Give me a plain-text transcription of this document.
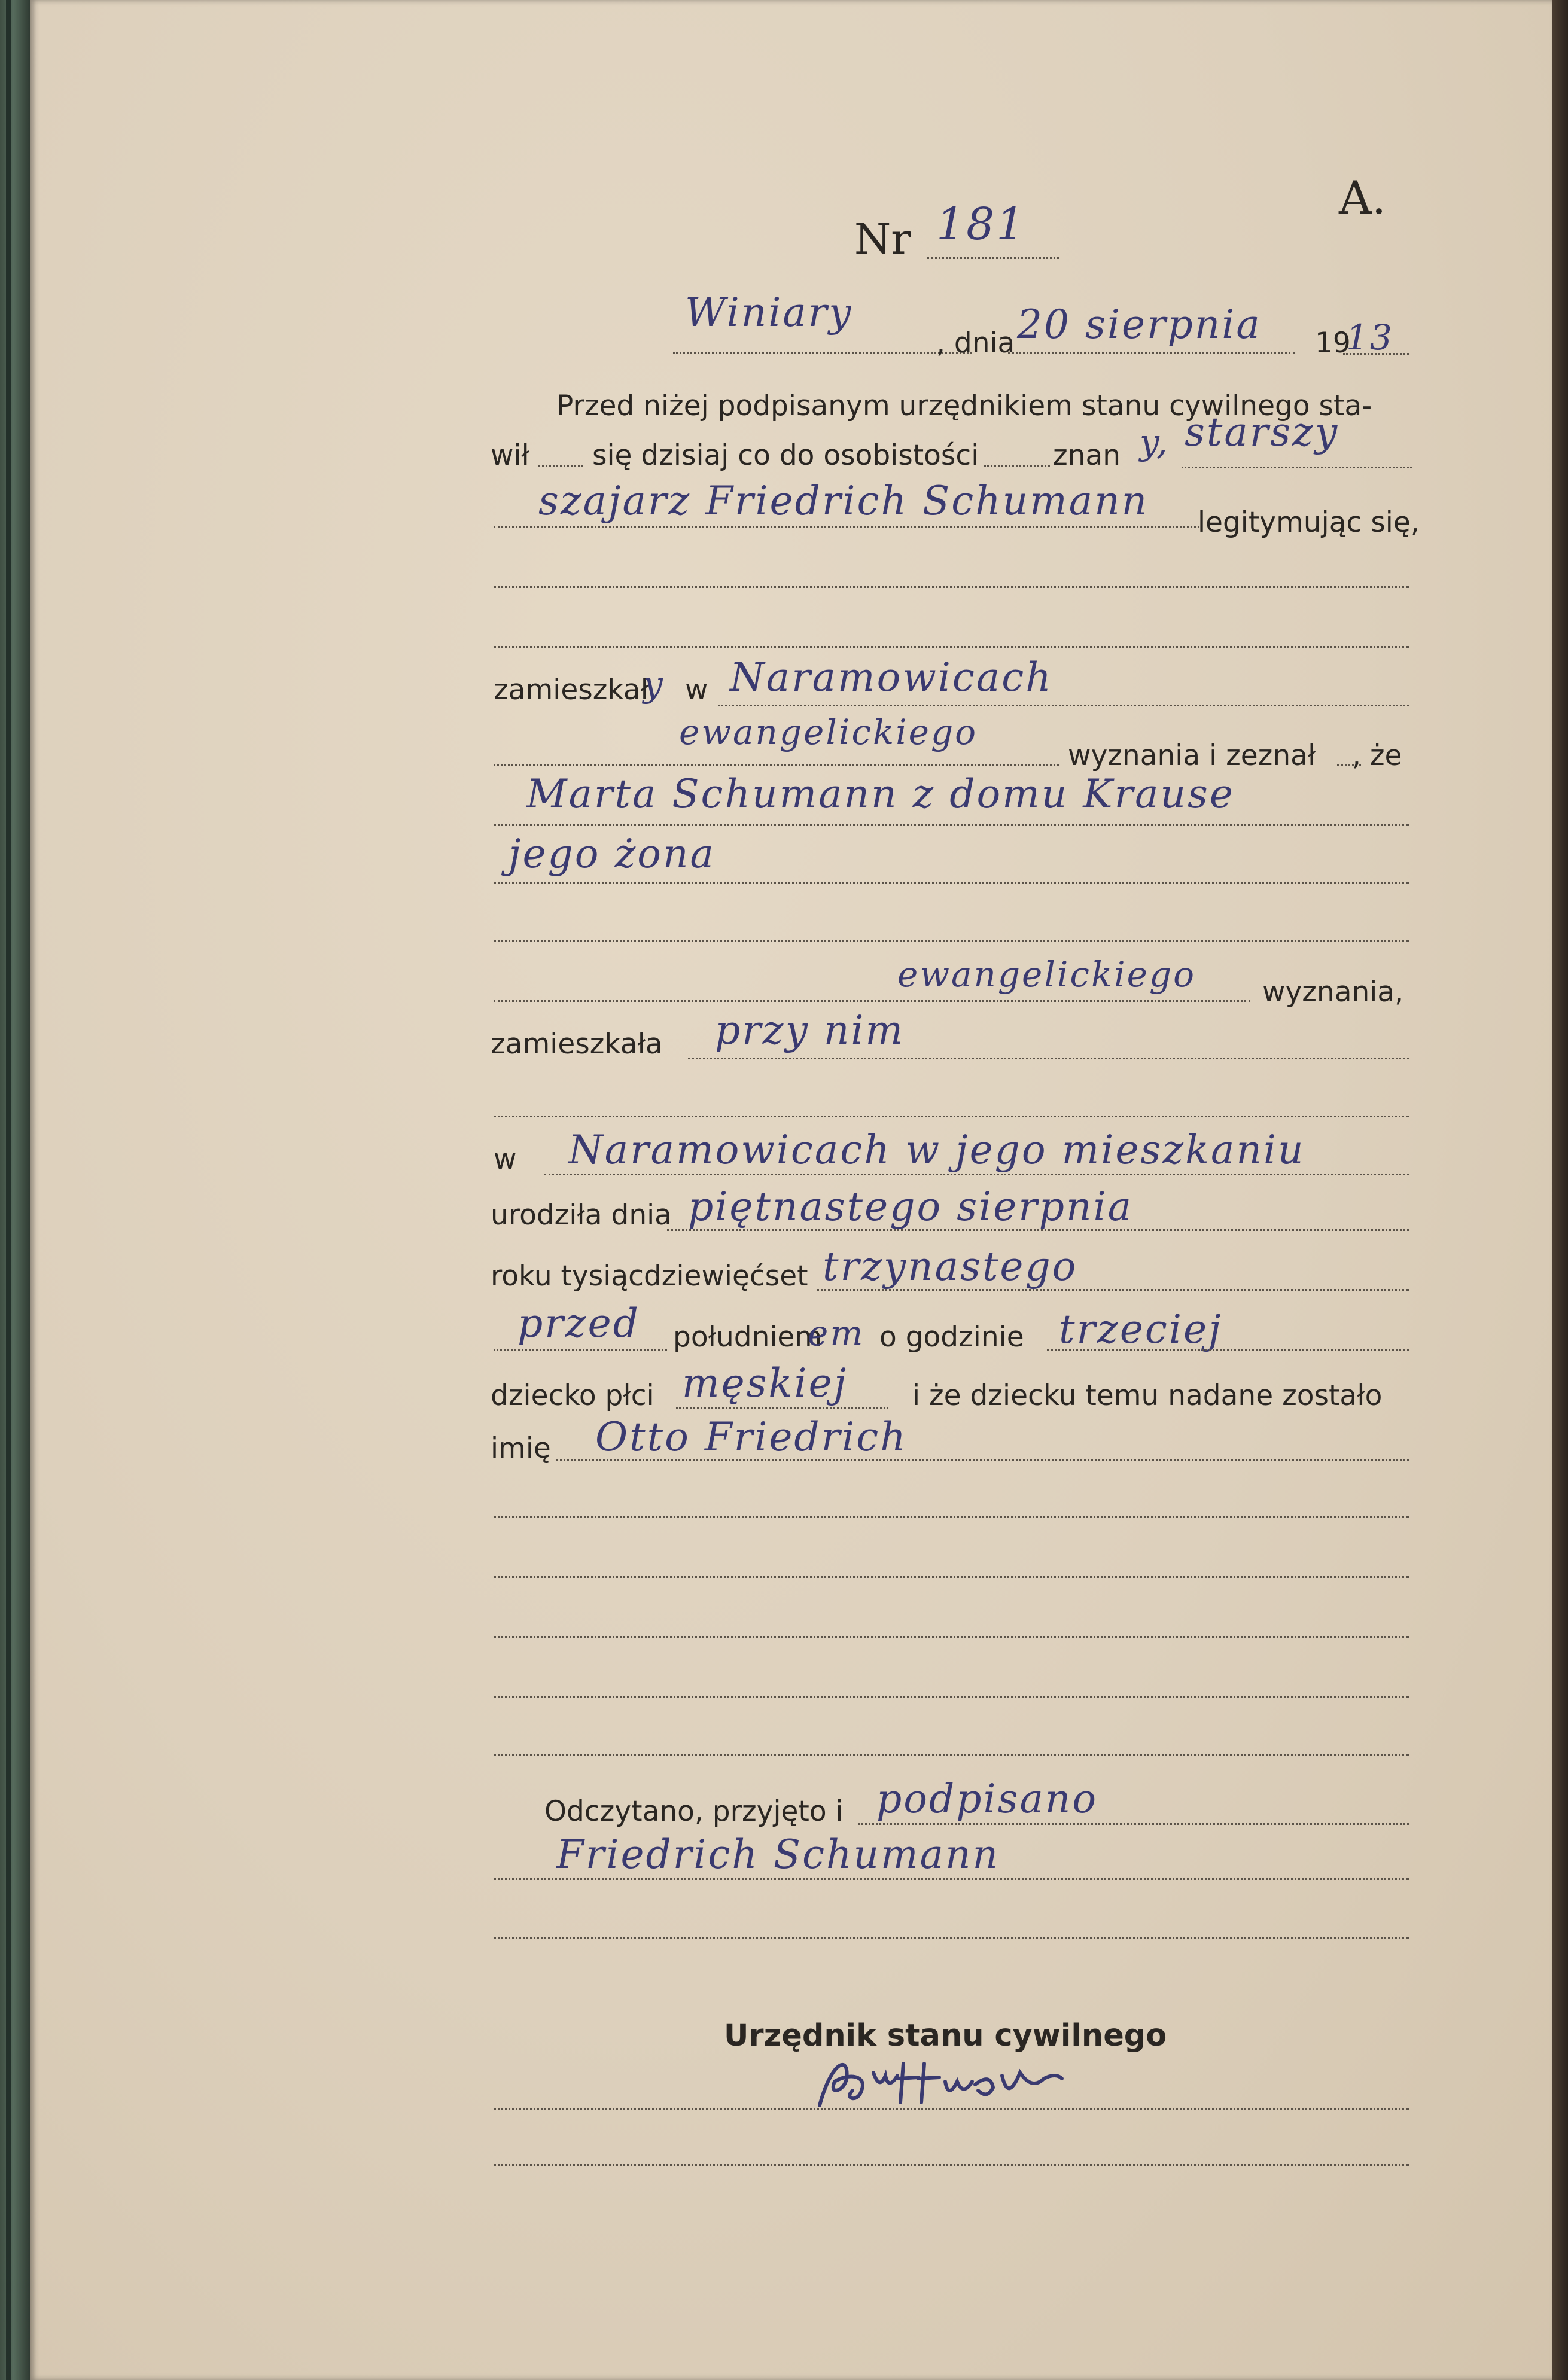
A.
Nr 181
Winiary
, dnia 20 sierpnia 19
13
Przed niżej podpisanym urzędnikiem stanu cywilnego sta-
wił się dzisiaj co do osobistości	znan y, starszy
szajarz Friedrich Schumann legitymując się,
zamieszkał
y w Naramowicach
ewangelickiego
wyznania i zeznał , że
Marta Schumann z domu Krause
jego żona
ewangelickiego wyznania,
zamieszkała przy nim
w Naramowicach w jego mieszkaniu
urodziła dnia piętnastego sierpnia
roku tysiącdziewięćset trzynastego
przed południem
em o godzinie trzeciej
dziecko płci męskiej i że dziecku temu nadane zostało
imię Otto Friedrich
Odczytano, przyjęto i podpisano
Friedrich Schumann
Urzędnik stanu cywilnego
